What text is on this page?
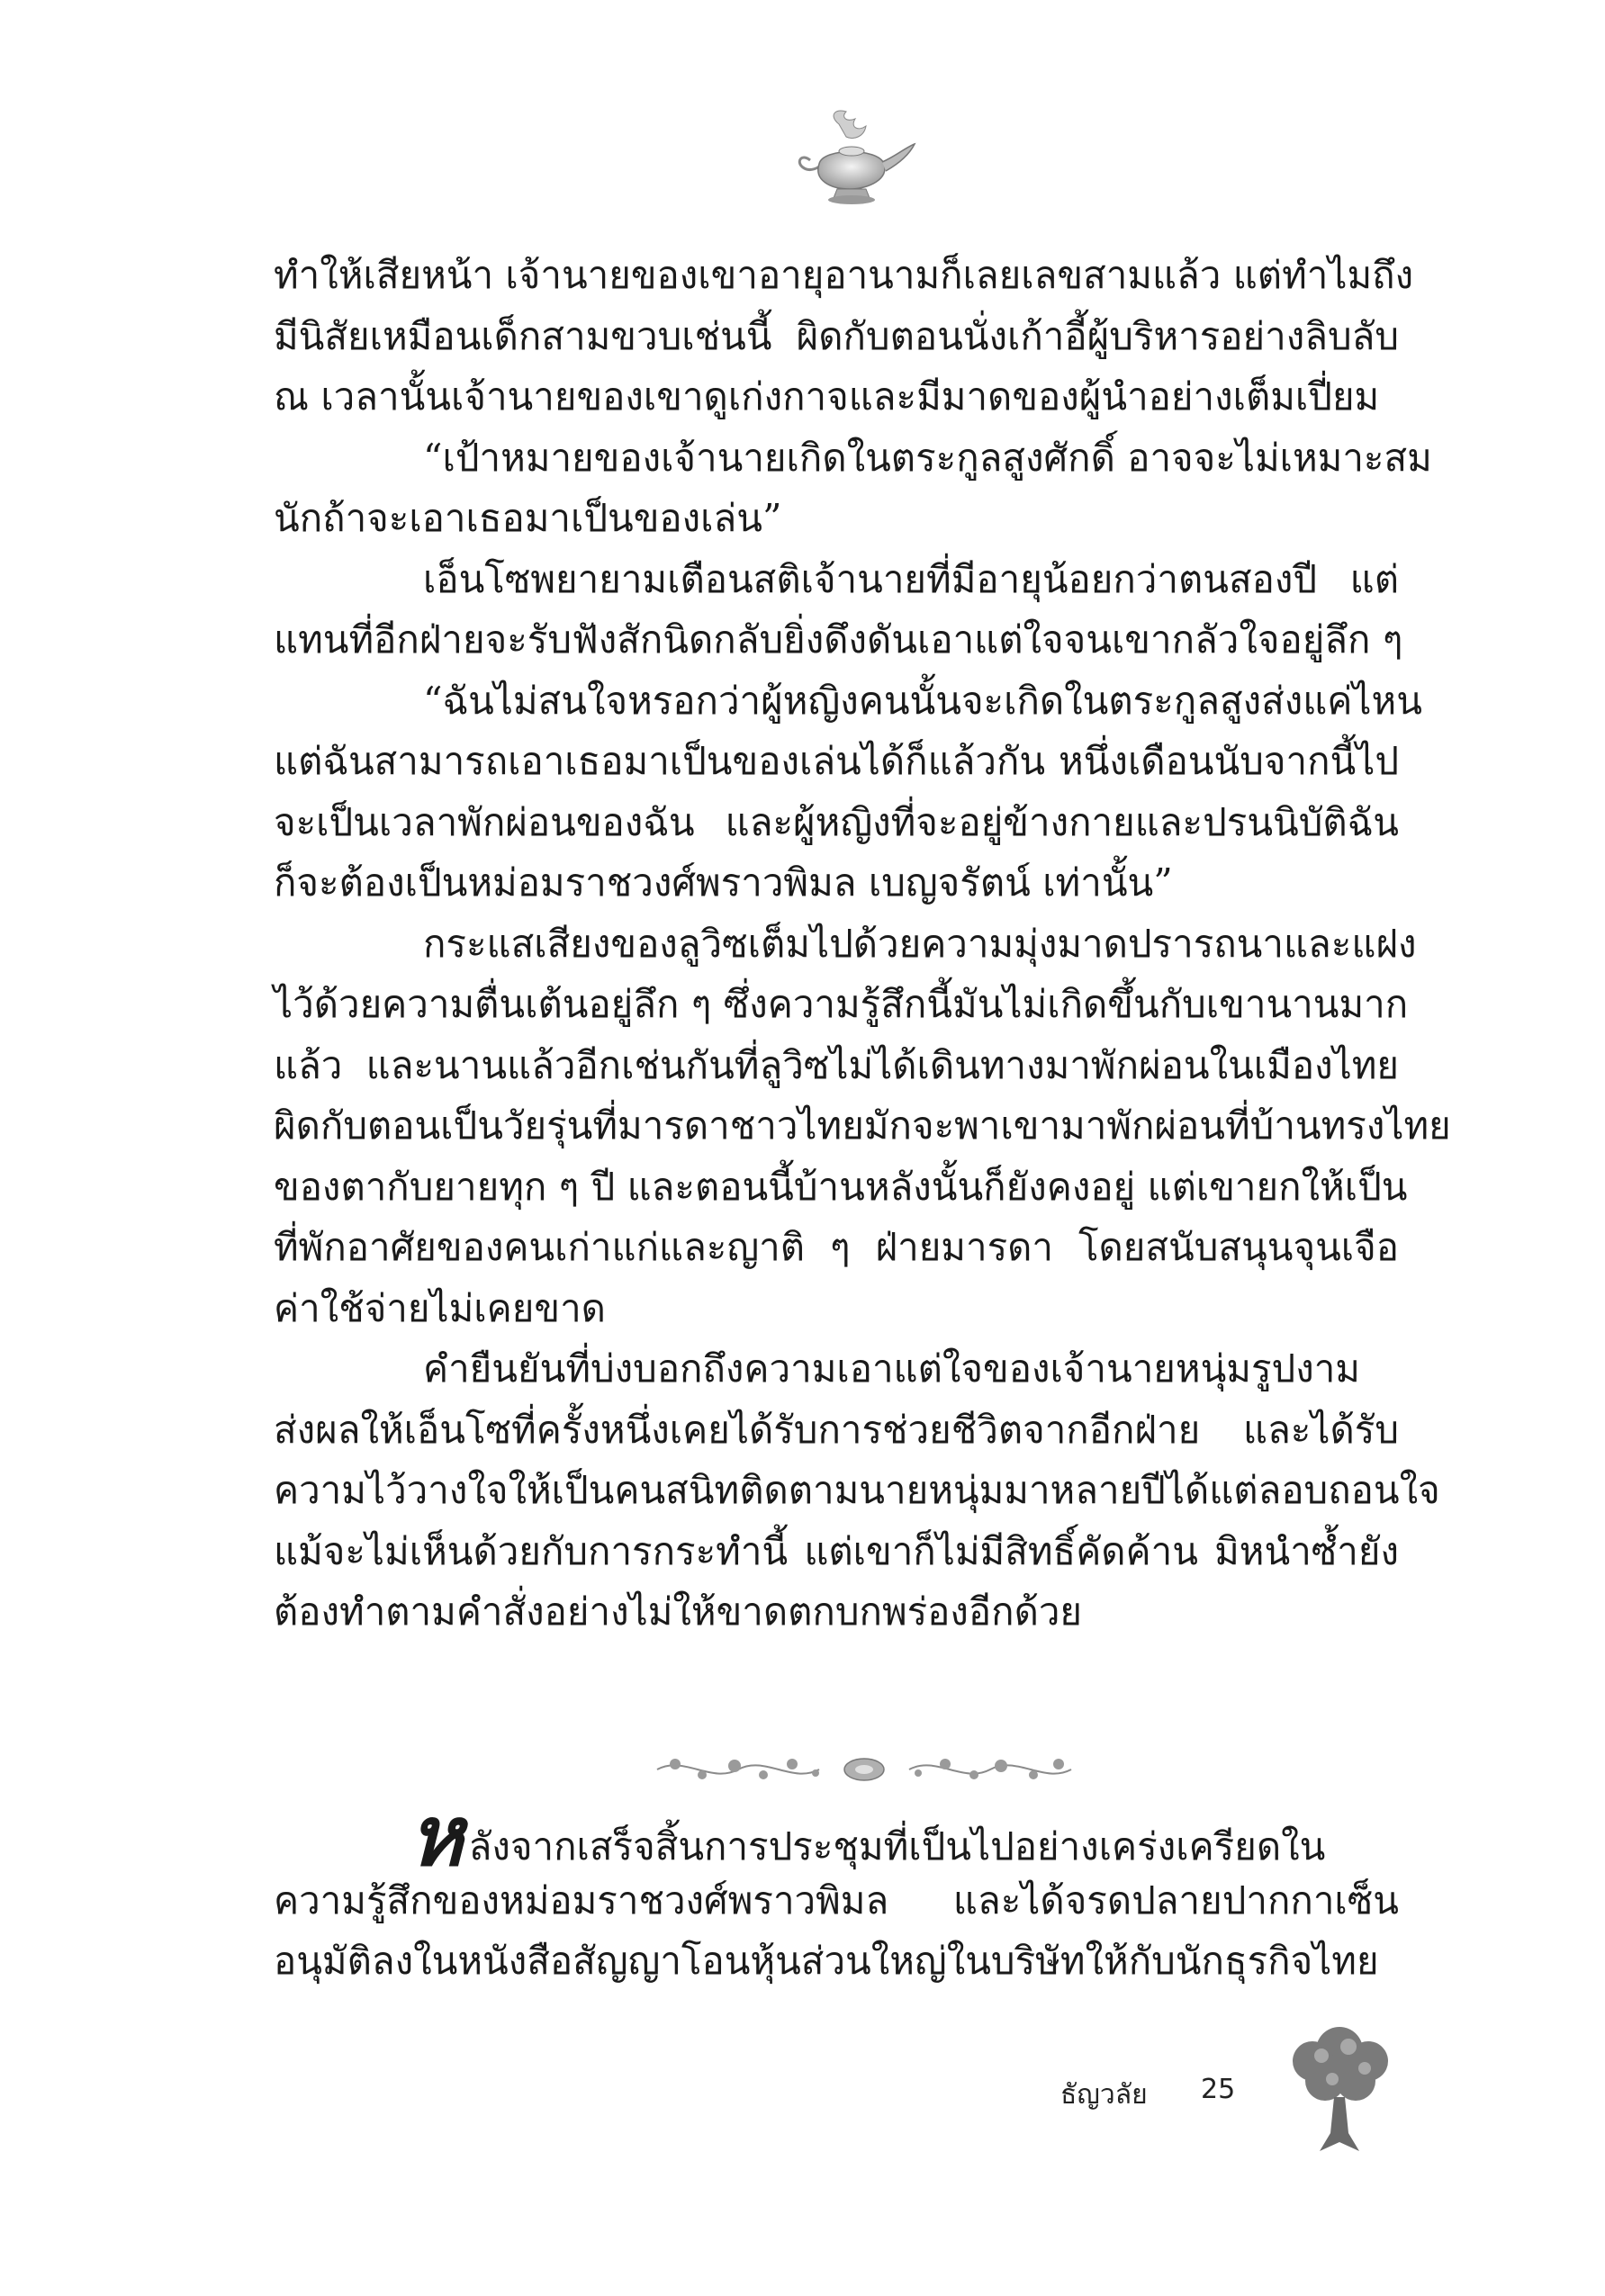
ทำให้เสียหน้า เจ้านายของเขาอายุอานามก็เลยเลขสามแล้ว แต่ทำไมถึง
มีนิสัยเหมือนเด็กสามขวบเช่นนี้ ผิดกับตอนนั่งเก้าอี้ผู้บริหารอย่างลิบลับ
ณ เวลานั้นเจ้านายของเขาดูเก่งกาจและมีมาดของผู้นำอย่างเต็มเปี่ยม
“เป้าหมายของเจ้านายเกิดในตระกูลสูงศักดิ์ อาจจะไม่เหมาะสม
นักถ้าจะเอาเธอมาเป็นของเล่น”
เอ็นโซพยายามเตือนสติเจ้านายที่มีอายุน้อยกว่าตนสองปี แต่
แทนที่อีกฝ่ายจะรับฟังสักนิดกลับยิ่งดึงดันเอาแต่ใจจนเขากลัวใจอยู่ลึก ๆ
“ฉันไม่สนใจหรอกว่าผู้หญิงคนนั้นจะเกิดในตระกูลสูงส่งแค่ไหน
แต่ฉันสามารถเอาเธอมาเป็นของเล่นได้ก็แล้วกัน หนึ่งเดือนนับจากนี้ไป
จะเป็นเวลาพักผ่อนของฉัน และผู้หญิงที่จะอยู่ข้างกายและปรนนิบัติฉัน
ก็จะต้องเป็นหม่อมราชวงศ์พราวพิมล เบญจรัตน์ เท่านั้น”
กระแสเสียงของลูวิซเต็มไปด้วยความมุ่งมาดปรารถนาและแฝง
ไว้ด้วยความตื่นเต้นอยู่ลึก ๆ ซึ่งความรู้สึกนี้มันไม่เกิดขึ้นกับเขานานมาก
แล้ว และนานแล้วอีกเช่นกันที่ลูวิซไม่ได้เดินทางมาพักผ่อนในเมืองไทย
ผิดกับตอนเป็นวัยรุ่นที่มารดาชาวไทยมักจะพาเขามาพักผ่อนที่บ้านทรงไทย
ของตากับยายทุก ๆ ปี และตอนนี้บ้านหลังนั้นก็ยังคงอยู่ แต่เขายกให้เป็น
ที่พักอาศัยของคนเก่าแก่และญาติ ๆ ฝ่ายมารดา โดยสนับสนุนจุนเจือ
ค่าใช้จ่ายไม่เคยขาด
คำยืนยันที่บ่งบอกถึงความเอาแต่ใจของเจ้านายหนุ่มรูปงาม
ส่งผลให้เอ็นโซที่ครั้งหนึ่งเคยได้รับการช่วยชีวิตจากอีกฝ่าย และได้รับ
ความไว้วางใจให้เป็นคนสนิทติดตามนายหนุ่มมาหลายปีได้แต่ลอบถอนใจ
แม้จะไม่เห็นด้วยกับการกระทำนี้ แต่เขาก็ไม่มีสิทธิ์คัดค้าน มิหนำซ้ำยัง
ต้องทำตามคำสั่งอย่างไม่ให้ขาดตกบกพร่องอีกด้วย
หลังจากเสร็จสิ้นการประชุมที่เป็นไปอย่างเคร่งเครียดใน
ความรู้สึกของหม่อมราชวงศ์พราวพิมล และได้จรดปลายปากกาเซ็น
อนุมัติลงในหนังสือสัญญาโอนหุ้นส่วนใหญ่ในบริษัทให้กับนักธุรกิจไทย
ธัญวลัย 25
